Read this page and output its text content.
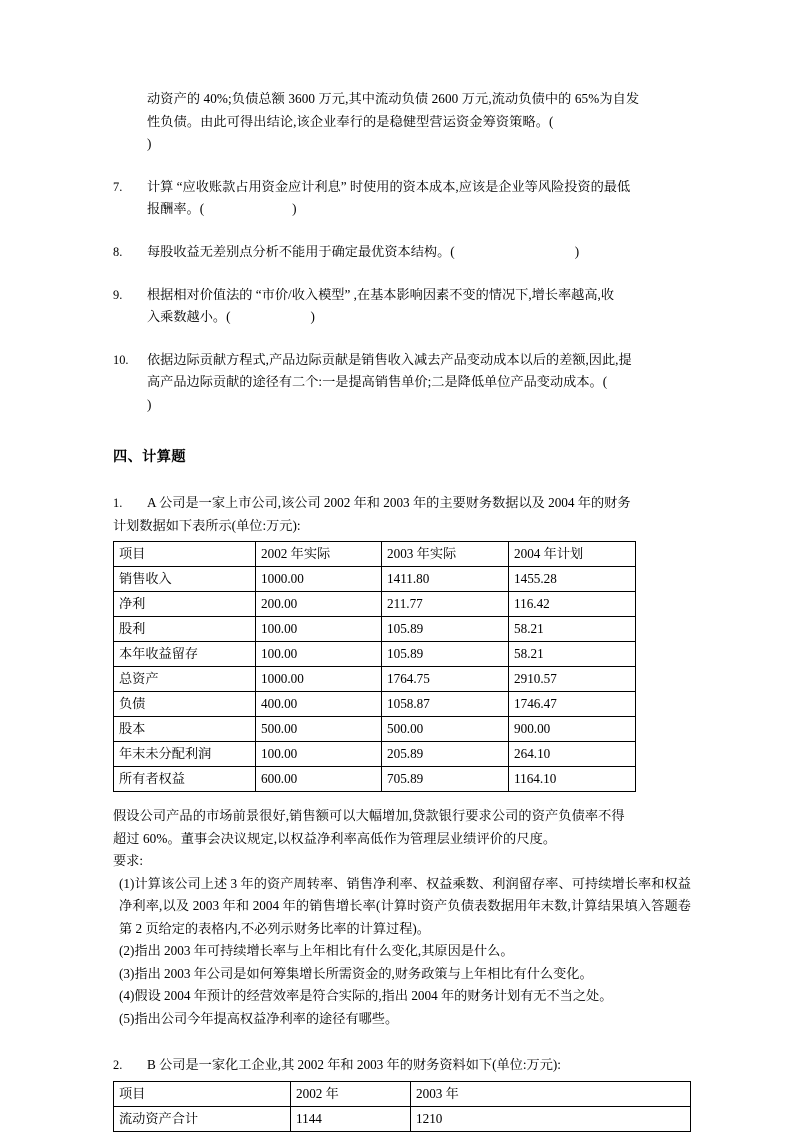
动资产的 40%;负债总额 3600 万元,其中流动负债 2600 万元,流动负债中的 65%为自发
性负债。由此可得出结论,该企业奉行的是稳健型营运资金筹资策略。(
)
7.	计算 “应收账款占用资金应计利息” 时使用的资本成本,应该是企业等风险投资的最低
报酬率。(	)
8.	每股收益无差别点分析不能用于确定最优资本结构。(	)
9.	根据相对价值法的 “市价/收入模型” ,在基本影响因素不变的情况下,增长率越高,收
入乘数越小。(	)
10.	依据边际贡献方程式,产品边际贡献是销售收入减去产品变动成本以后的差额,因此,提
高产品边际贡献的途径有二个:一是提高销售单价;二是降低单位产品变动成本。(
)
四、计算题
1.	A 公司是一家上市公司,该公司 2002 年和 2003 年的主要财务数据以及 2004 年的财务
计划数据如下表所示(单位:万元):
项目	2002 年实际	2003 年实际	2004 年计划
销售收入	1000.00	1411.80	1455.28
净利	200.00	211.77	116.42
股利	100.00	105.89	58.21
本年收益留存	100.00	105.89	58.21
总资产	1000.00	1764.75	2910.57
负债	400.00	1058.87	1746.47
股本	500.00	500.00	900.00
年末未分配利润	100.00	205.89	264.10
所有者权益	600.00	705.89	1164.10
假设公司产品的市场前景很好,销售额可以大幅增加,贷款银行要求公司的资产负债率不得
超过 60%。董事会决议规定,以权益净利率高低作为管理层业绩评价的尺度。
要求:
(1)计算该公司上述 3 年的资产周转率、销售净利率、权益乘数、利润留存率、可持续增长率和权益净利率,以及 2003 年和 2004 年的销售增长率(计算时资产负债表数据用年末数,计算结果填入答题卷第 2 页给定的表格内,不必列示财务比率的计算过程)。
(2)指出 2003 年可持续增长率与上年相比有什么变化,其原因是什么。
(3)指出 2003 年公司是如何筹集增长所需资金的,财务政策与上年相比有什么变化。
(4)假设 2004 年预计的经营效率是符合实际的,指出 2004 年的财务计划有无不当之处。
(5)指出公司今年提高权益净利率的途径有哪些。
2.	B 公司是一家化工企业,其 2002 年和 2003 年的财务资料如下(单位:万元):
项目	2002 年	2003 年
流动资产合计	1144	1210
